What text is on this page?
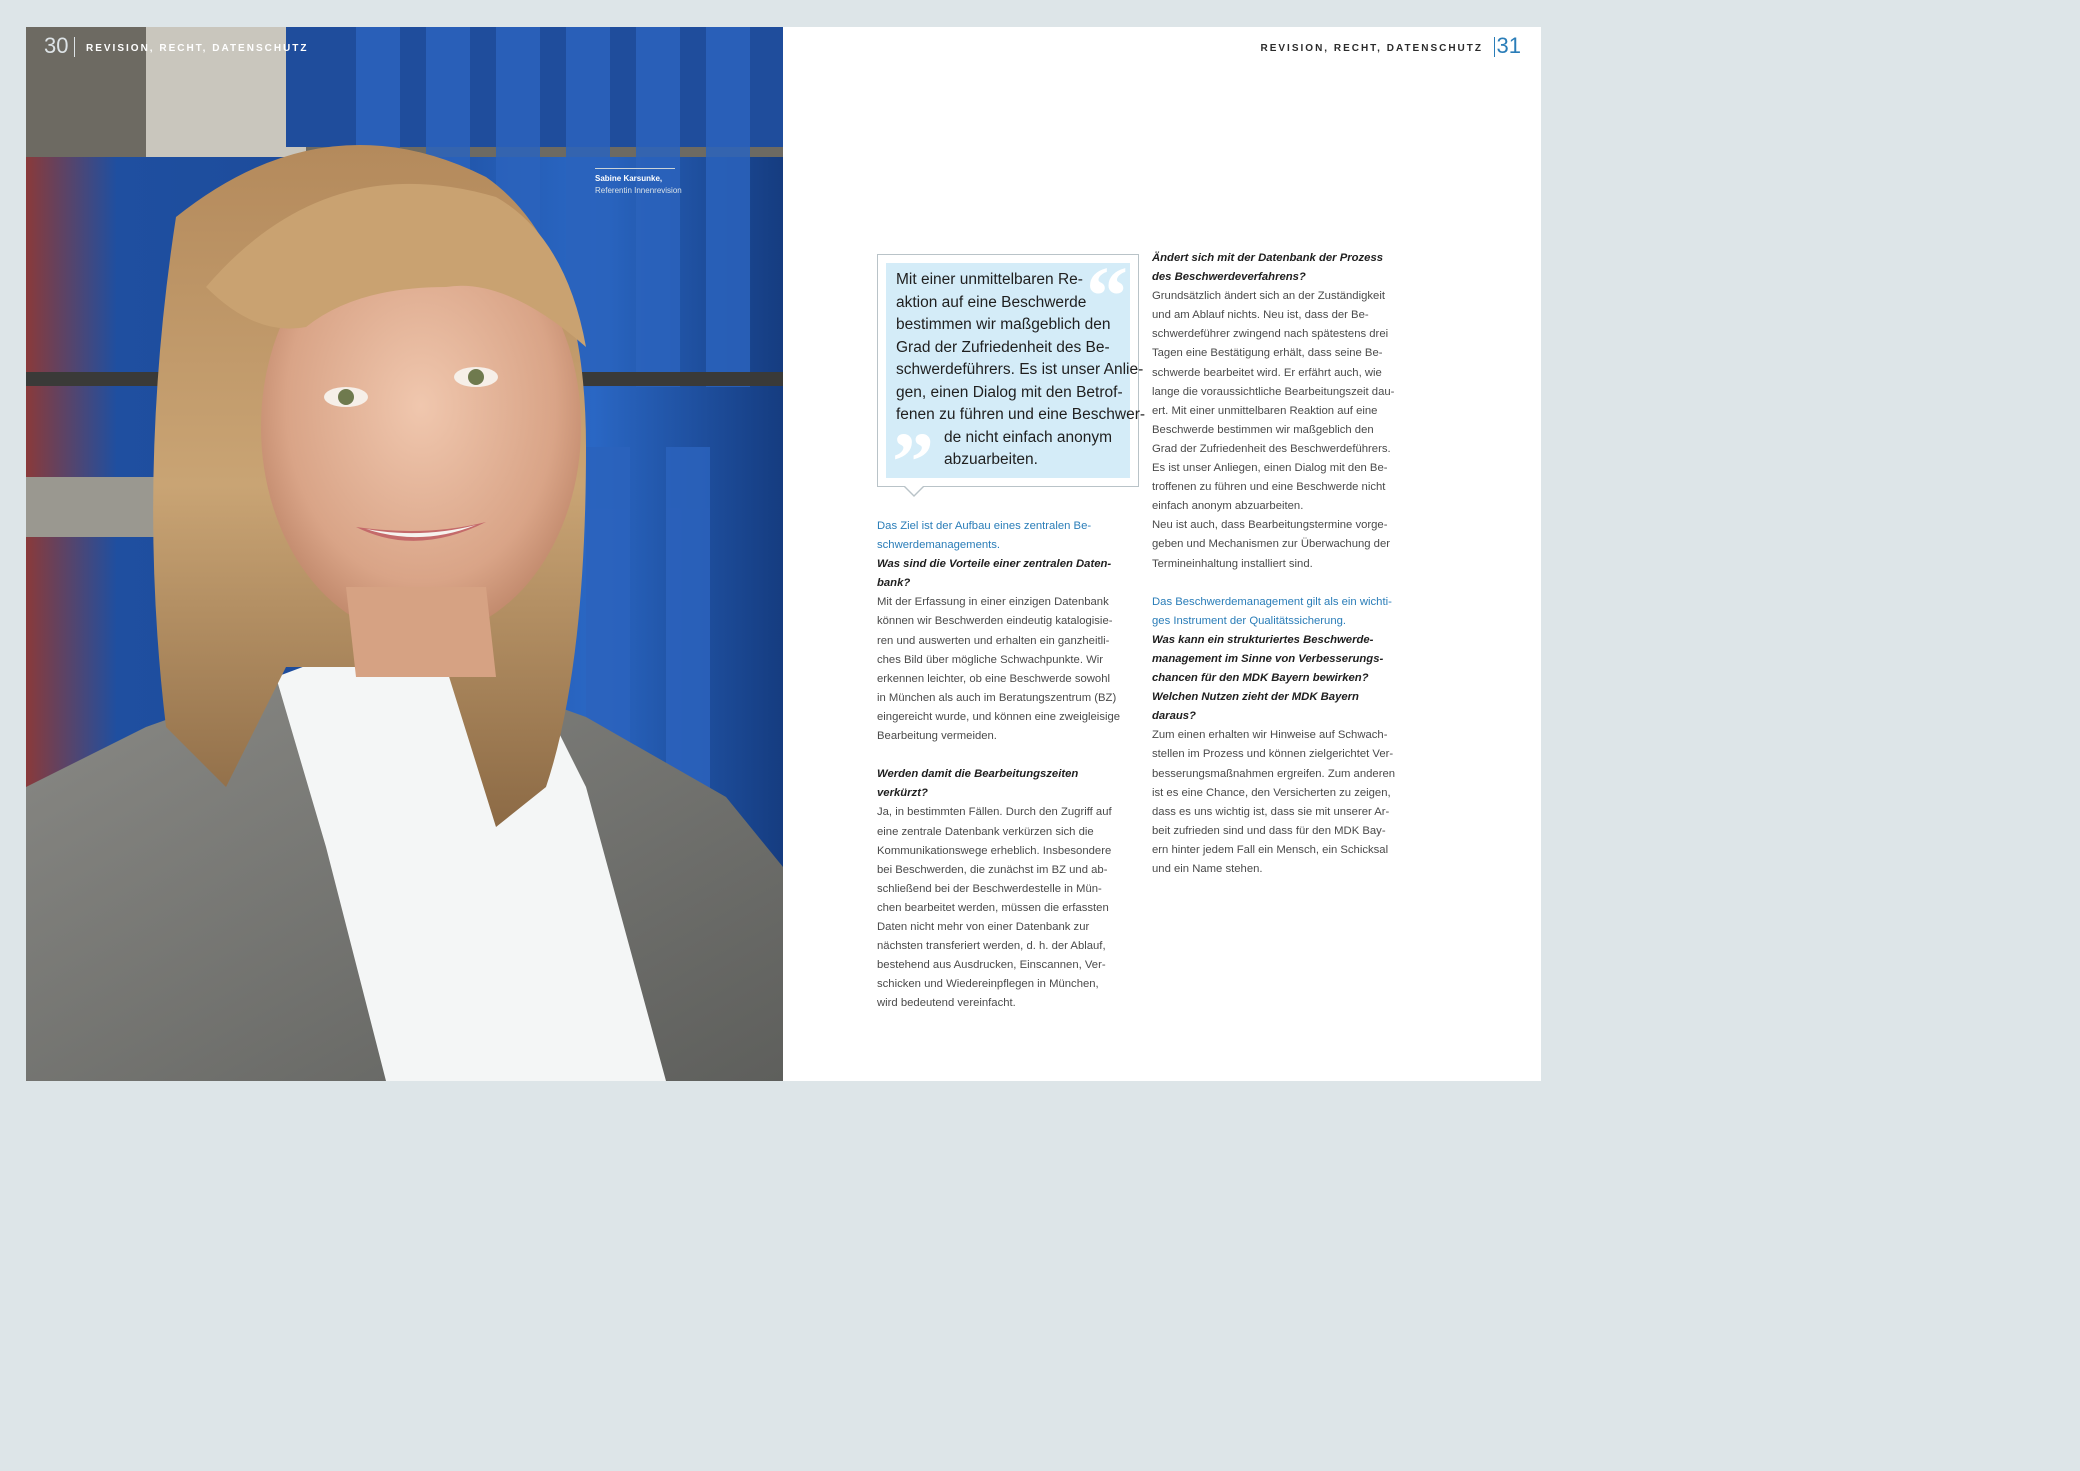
30 REVISION, RECHT, DATENSCHUTZ
Sabine Karsunke,
Referentin Innenrevision
REVISION, RECHT, DATENSCHUTZ 31
“
”
Mit einer unmittelbaren Re-
aktion auf eine Beschwerde
bestimmen wir maßgeblich den
Grad der Zufriedenheit des Be-
schwerdeführers. Es ist unser Anlie-
gen, einen Dialog mit den Betrof-
fenen zu führen und eine Beschwer-
de nicht einfach anonym
abzuarbeiten.
Das Ziel ist der Aufbau eines zentralen Be-
schwerdemanagements.
Was sind die Vorteile einer zentralen Daten-
bank?
Mit der Erfassung in einer einzigen Datenbank
können wir Beschwerden eindeutig katalogisie-
ren und auswerten und erhalten ein ganzheitli-
ches Bild über mögliche Schwachpunkte. Wir
erkennen leichter, ob eine Beschwerde sowohl
in München als auch im Beratungszentrum (BZ)
eingereicht wurde, und können eine zweigleisige
Bearbeitung vermeiden.
Werden damit die Bearbeitungszeiten
verkürzt?
Ja, in bestimmten Fällen. Durch den Zugriff auf
eine zentrale Datenbank verkürzen sich die
Kommunikationswege erheblich. Insbesondere
bei Beschwerden, die zunächst im BZ und ab-
schließend bei der Beschwerdestelle in Mün-
chen bearbeitet werden, müssen die erfassten
Daten nicht mehr von einer Datenbank zur
nächsten transferiert werden, d. h. der Ablauf,
bestehend aus Ausdrucken, Einscannen, Ver-
schicken und Wiedereinpflegen in München,
wird bedeutend vereinfacht.
Ändert sich mit der Datenbank der Prozess
des Beschwerdeverfahrens?
Grundsätzlich ändert sich an der Zuständigkeit
und am Ablauf nichts. Neu ist, dass der Be-
schwerdeführer zwingend nach spätestens drei
Tagen eine Bestätigung erhält, dass seine Be-
schwerde bearbeitet wird. Er erfährt auch, wie
lange die voraussichtliche Bearbeitungszeit dau-
ert. Mit einer unmittelbaren Reaktion auf eine
Beschwerde bestimmen wir maßgeblich den
Grad der Zufriedenheit des Beschwerdeführers.
Es ist unser Anliegen, einen Dialog mit den Be-
troffenen zu führen und eine Beschwerde nicht
einfach anonym abzuarbeiten.
Neu ist auch, dass Bearbeitungstermine vorge-
geben und Mechanismen zur Überwachung der
Termineinhaltung installiert sind.
Das Beschwerdemanagement gilt als ein wichti-
ges Instrument der Qualitätssicherung.
Was kann ein strukturiertes Beschwerde-
management im Sinne von Verbesserungs-
chancen für den MDK Bayern bewirken?
Welchen Nutzen zieht der MDK Bayern
daraus?
Zum einen erhalten wir Hinweise auf Schwach-
stellen im Prozess und können zielgerichtet Ver-
besserungsmaßnahmen ergreifen. Zum anderen
ist es eine Chance, den Versicherten zu zeigen,
dass es uns wichtig ist, dass sie mit unserer Ar-
beit zufrieden sind und dass für den MDK Bay-
ern hinter jedem Fall ein Mensch, ein Schicksal
und ein Name stehen.
